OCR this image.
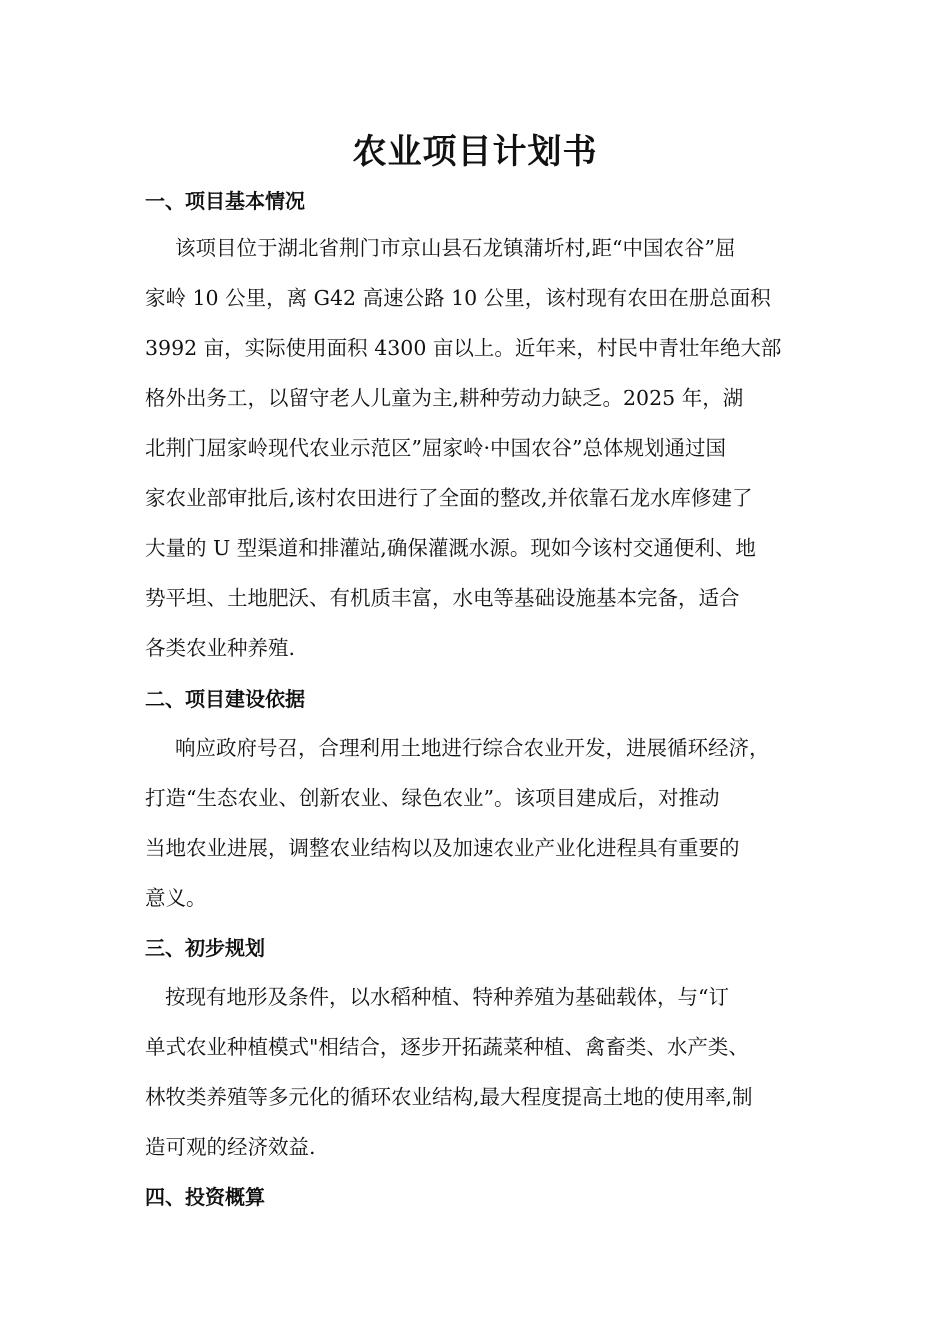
农业项目计划书
一、项目基本情况
该项目位于湖北省荆门市京山县石龙镇蒲圻村,距“中国农谷”屈
家岭 10 公里，离 G42 高速公路 10 公里，该村现有农田在册总面积
3992 亩，实际使用面积 4300 亩以上。近年来，村民中青壮年绝大部
格外出务工，以留守老人儿童为主,耕种劳动力缺乏。2025 年，湖
北荆门屈家岭现代农业示范区”屈家岭·中国农谷”总体规划通过国
家农业部审批后,该村农田进行了全面的整改,并依靠石龙水库修建了
大量的 U 型渠道和排灌站,确保灌溉水源。现如今该村交通便利、地
势平坦、土地肥沃、有机质丰富，水电等基础设施基本完备，适合
各类农业种养殖.
二、项目建设依据
响应政府号召，合理利用土地进行综合农业开发，进展循环经济，
打造“生态农业、创新农业、绿色农业”。该项目建成后，对推动
当地农业进展，调整农业结构以及加速农业产业化进程具有重要的
意义。
三、初步规划
按现有地形及条件，以水稻种植、特种养殖为基础载体，与“订
单式农业种植模式"相结合，逐步开拓蔬菜种植、禽畜类、水产类、
林牧类养殖等多元化的循环农业结构,最大程度提高土地的使用率,制
造可观的经济效益.
四、投资概算
